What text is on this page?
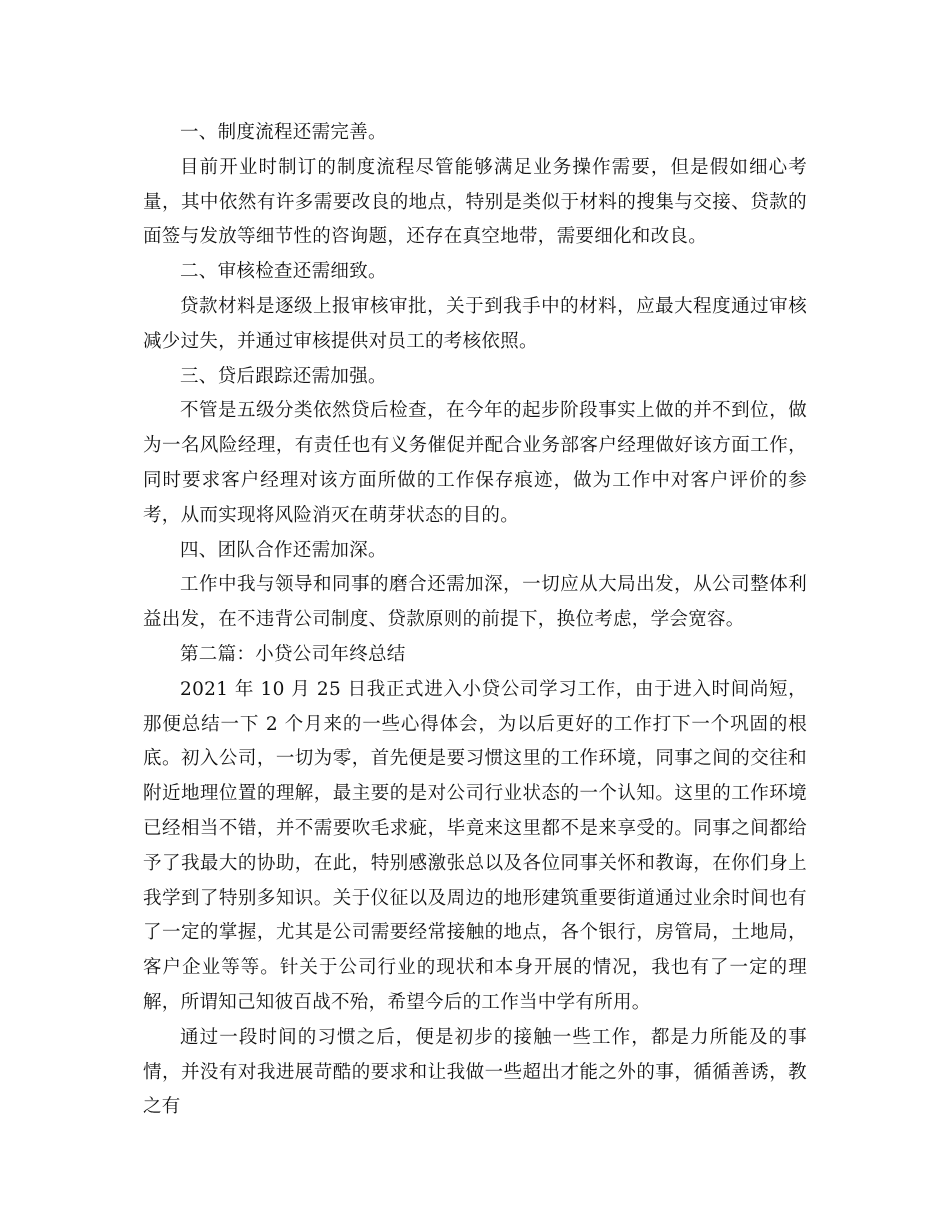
一、制度流程还需完善。

目前开业时制订的制度流程尽管能够满足业务操作需要，但是假如细心考量，其中依然有许多需要改良的地点，特别是类似于材料的搜集与交接、贷款的面签与发放等细节性的咨询题，还存在真空地带，需要细化和改良。

二、审核检查还需细致。

贷款材料是逐级上报审核审批，关于到我手中的材料，应最大程度通过审核减少过失，并通过审核提供对员工的考核依照。

三、贷后跟踪还需加强。

不管是五级分类依然贷后检查，在今年的起步阶段事实上做的并不到位，做为一名风险经理，有责任也有义务催促并配合业务部客户经理做好该方面工作，同时要求客户经理对该方面所做的工作保存痕迹，做为工作中对客户评价的参考，从而实现将风险消灭在萌芽状态的目的。

四、团队合作还需加深。

工作中我与领导和同事的磨合还需加深，一切应从大局出发，从公司整体利益出发，在不违背公司制度、贷款原则的前提下，换位考虑，学会宽容。

第二篇：小贷公司年终总结

2021 年 10 月 25 日我正式进入小贷公司学习工作，由于进入时间尚短，那便总结一下 2 个月来的一些心得体会，为以后更好的工作打下一个巩固的根底。初入公司，一切为零，首先便是要习惯这里的工作环境，同事之间的交往和附近地理位置的理解，最主要的是对公司行业状态的一个认知。这里的工作环境已经相当不错，并不需要吹毛求疵，毕竟来这里都不是来享受的。同事之间都给予了我最大的协助，在此，特别感激张总以及各位同事关怀和教诲，在你们身上我学到了特别多知识。关于仪征以及周边的地形建筑重要街道通过业余时间也有了一定的掌握，尤其是公司需要经常接触的地点，各个银行，房管局，土地局，客户企业等等。针关于公司行业的现状和本身开展的情况，我也有了一定的理解，所谓知己知彼百战不殆，希望今后的工作当中学有所用。

通过一段时间的习惯之后，便是初步的接触一些工作，都是力所能及的事情，并没有对我进展苛酷的要求和让我做一些超出才能之外的事，循循善诱，教之有
